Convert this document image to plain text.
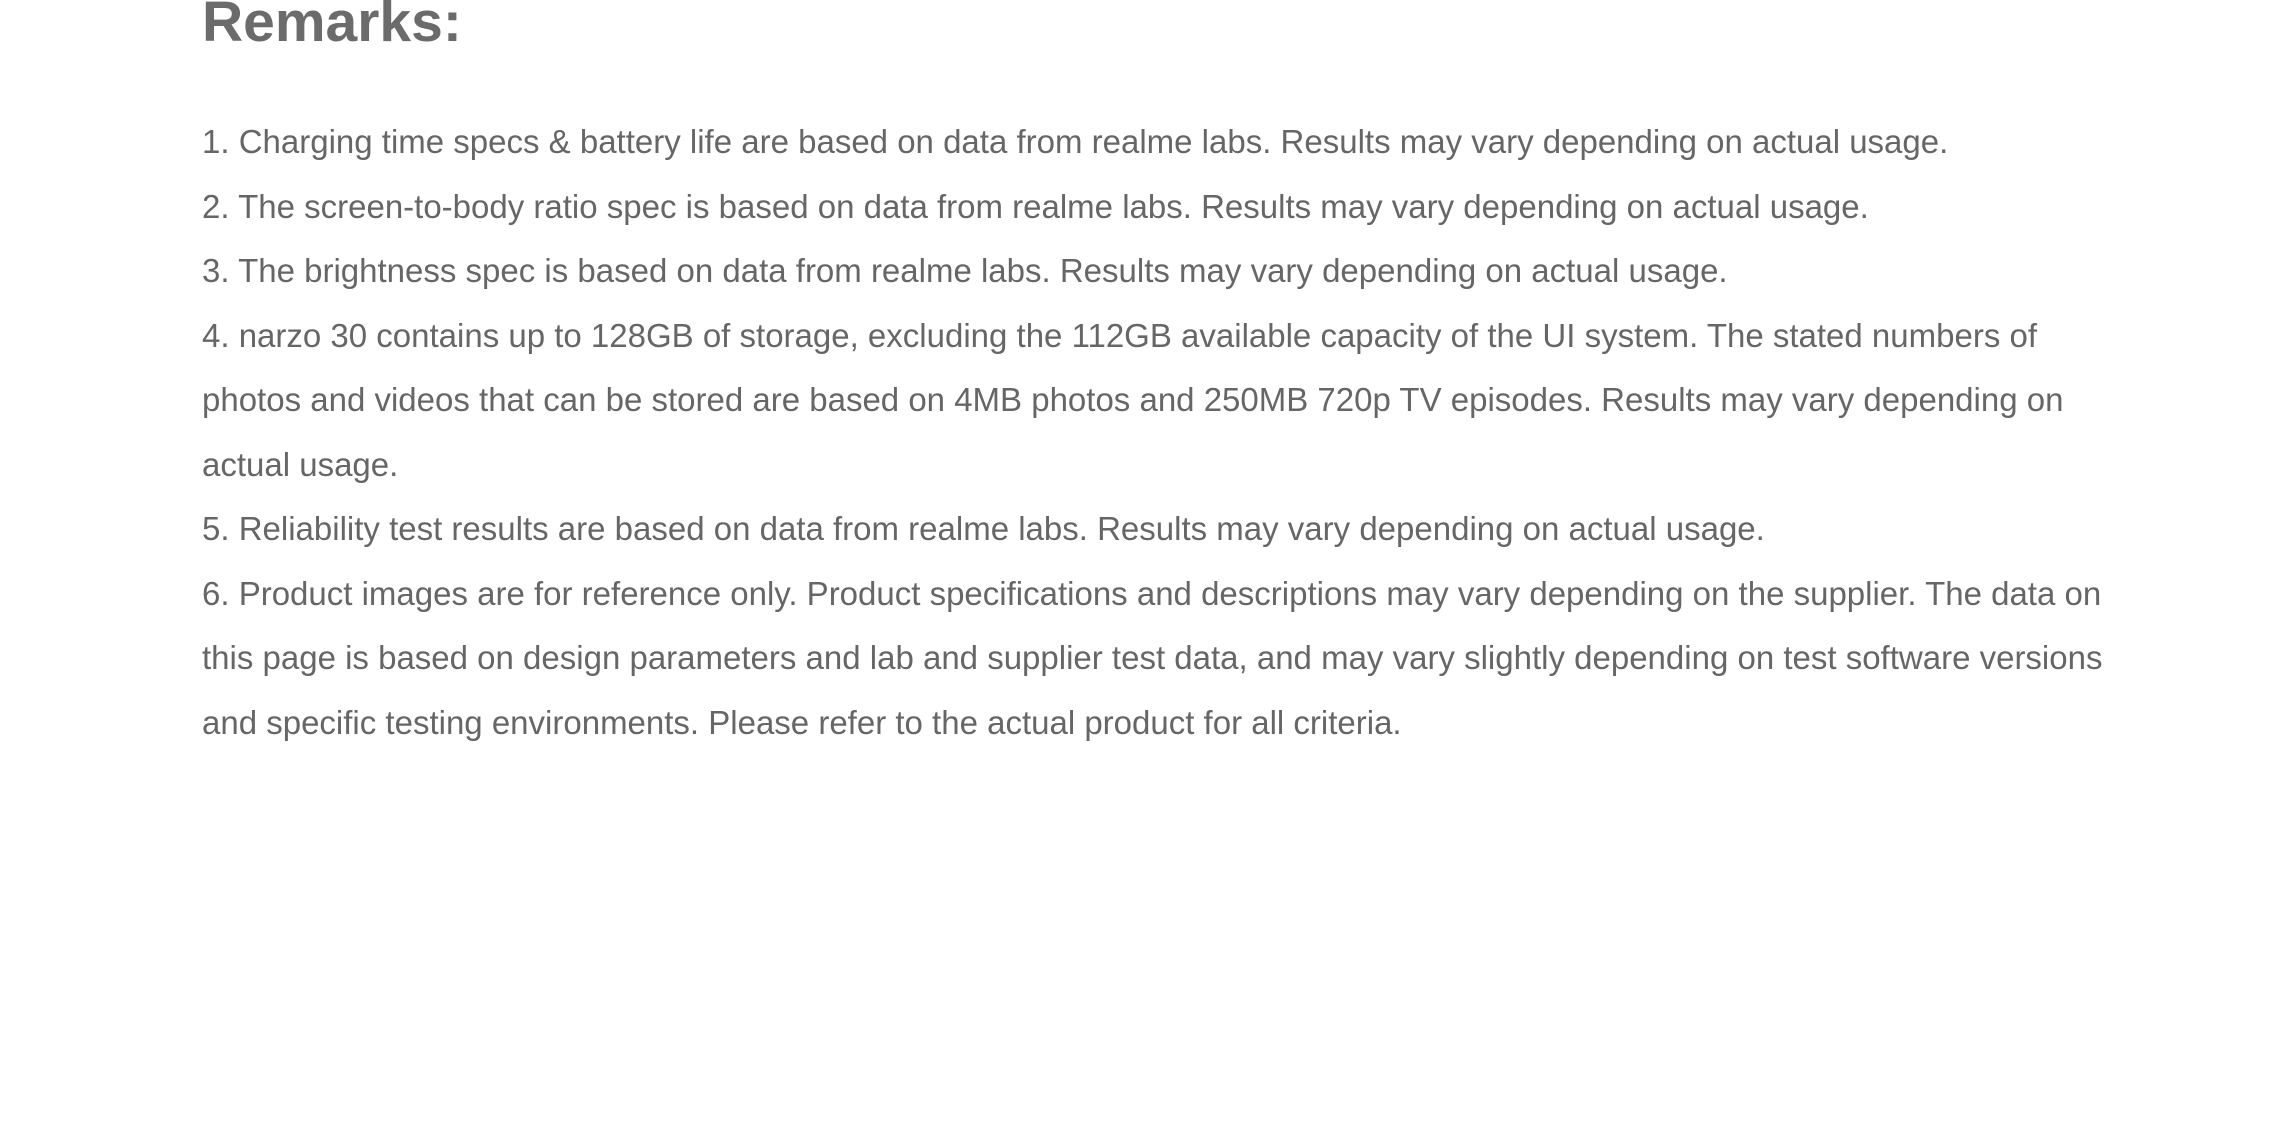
Remarks:
1. Charging time specs & battery life are based on data from realme labs. Results may vary depending on actual usage.
2. The screen-to-body ratio spec is based on data from realme labs. Results may vary depending on actual usage.
3. The brightness spec is based on data from realme labs. Results may vary depending on actual usage.
4. narzo 30 contains up to 128GB of storage, excluding the 112GB available capacity of the UI system. The stated numbers of photos and videos that can be stored are based on 4MB photos and 250MB 720p TV episodes. Results may vary depending on actual usage.
5. Reliability test results are based on data from realme labs. Results may vary depending on actual usage.
6. Product images are for reference only. Product specifications and descriptions may vary depending on the supplier. The data on this page is based on design parameters and lab and supplier test data, and may vary slightly depending on test software versions and specific testing environments. Please refer to the actual product for all criteria.
